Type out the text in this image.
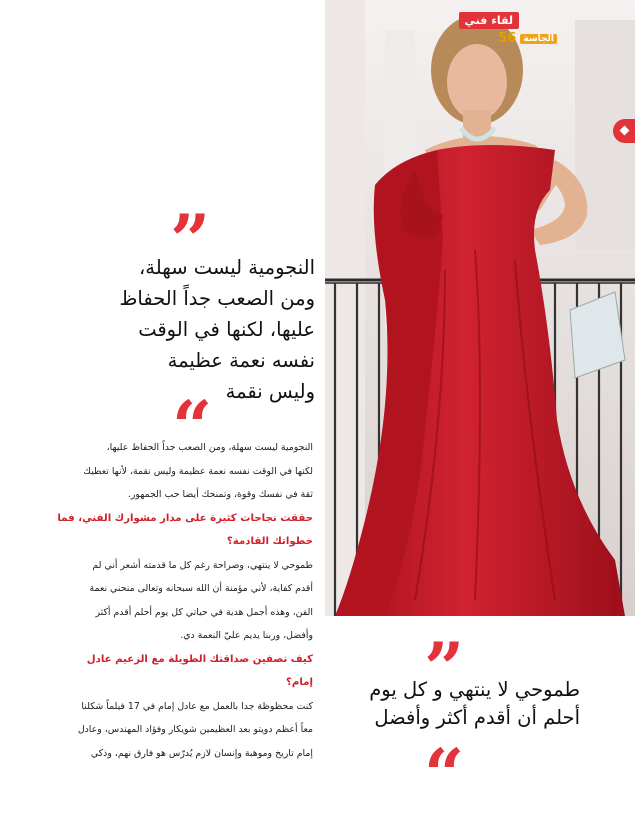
لقاء فني
56 الجاسة
”
النجومية ليست سهلة،
ومن الصعب جداً الحفاظ
عليها، لكنها في الوقت
نفسه نعمة عظيمة
وليس نقمة
“

النجومية ليست سهلة، ومن الصعب جداً الحفاظ عليها،

لكنها في الوقت نفسه نعمة عظيمة وليس نقمة، لأنها تعطيك

ثقة في نفسك وقوة، وتمنحك أيضا حب الجمهور.

حققت نجاحات كثيرة على مدار مشوارك الفني، فما

خطواتك القادمة؟

طموحي لا ينتهي، وصراحة رغم كل ما قدمته أشعر أني لم

أقدم كفاية، لأني مؤمنة أن الله سبحانه وتعالى منحني نعمة

الفن، وهذه أجمل هدية في حياتي كل يوم أحلم أقدم أكثر

وأفضل، وربنا يديم عليّ النعمة دي.

كيف تصفين صداقتك الطويلة مع الزعيم عادل

إمام؟

كنت محظوظة جدا بالعمل مع عادل إمام في 17 فيلماً شكلنا

معاً أعظم دويتو بعد العظيمين شويكار وفؤاد المهندس، وعادل

إمام تاريخ وموهبة وإنسان لازم يُدرّس هو فارق نهم، وذكي

”
طموحي لا ينتهي و كل يوم
أحلم أن أقدم أكثر وأفضل
“
